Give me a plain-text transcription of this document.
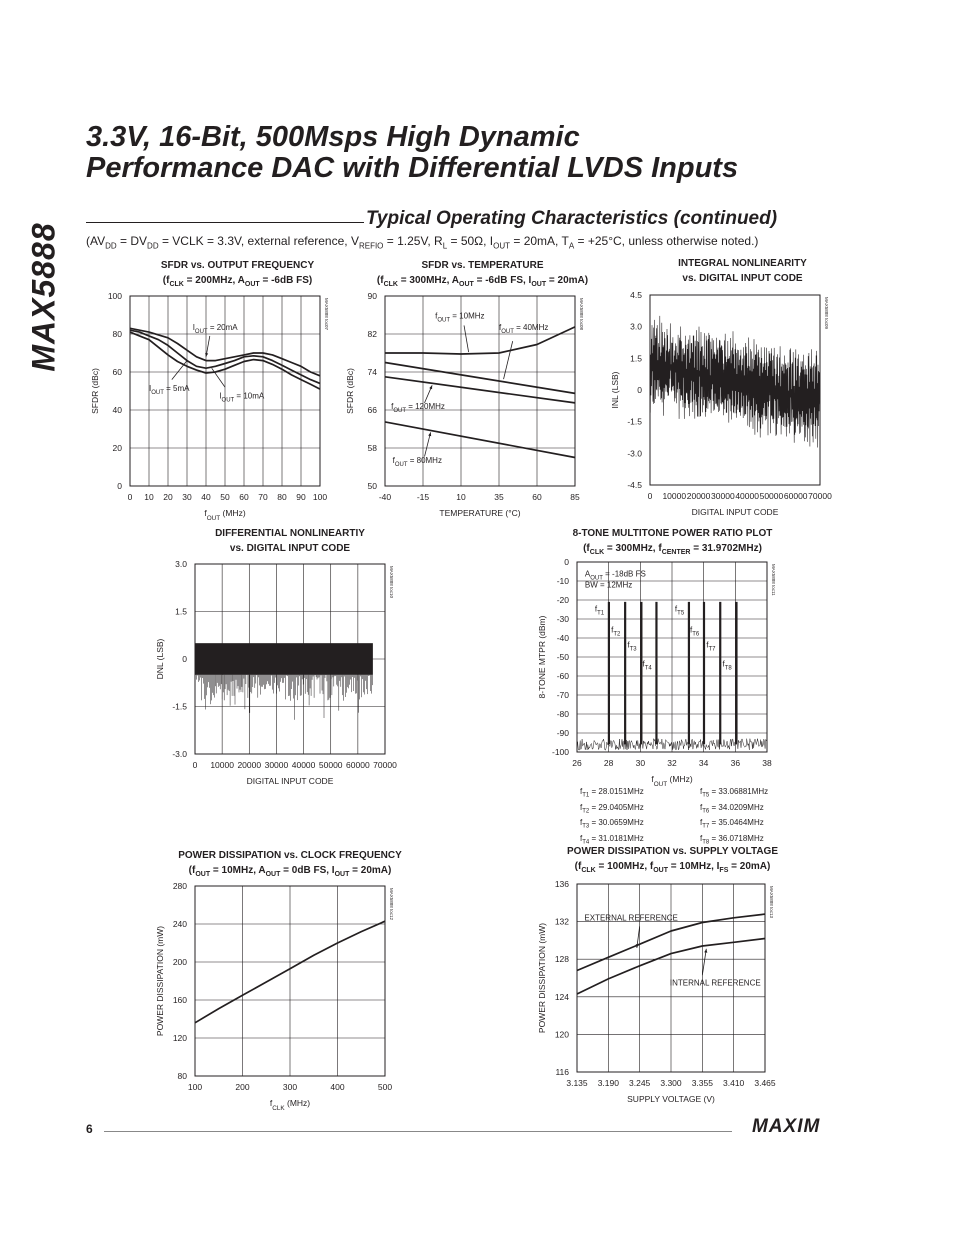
MAX5888
3.3V, 16-Bit, 500Msps High Dynamic
Performance DAC with Differential LVDS Inputs
Typical Operating Characteristics (continued)
($AV_{DD} = DV_{DD}$ = VCLK = 3.3V, external reference, $V_{REFIO} = 1.25V$, $R_L = 50\Omega$, $I_{OUT} = 20mA$, $T_A = +25^\circ C$, unless otherwise noted.)
SFDR vs. OUTPUT FREQUENCY
($f_{CLK} = 200MHz$, $A_{OUT} = -6dB$ FS)
SFDR vs. TEMPERATURE
($f_{CLK} = 300MHz$, $A_{OUT} = -6dB$ FS, $I_{OUT} = 20mA$)
INTEGRAL NONLINEARITY
vs. DIGITAL INPUT CODE
DIFFERENTIAL NONLINEARTIY
vs. DIGITAL INPUT CODE
8-TONE MULTITONE POWER RATIO PLOT
($f_{CLK} = 300MHz$, $f_{CENTER} = 31.9702MHz$)
POWER DISSIPATION vs. CLOCK FREQUENCY
($f_{OUT} = 10MHz$, $A_{OUT} = 0dB$ FS, $I_{OUT} = 20mA$)
POWER DISSIPATION vs. SUPPLY VOLTAGE
($f_{CLK} = 100MHz$, $f_{OUT} = 10MHz$, $I_{FS} = 20mA$)
0 10 20 30 40 50 60 70 80 90 100
0
20
40
60
80
100
$f_{OUT}$ (MHz)
SFDR (dBc)
MAX5888 toc07
$I_{OUT} = 20mA$
$I_{OUT} = 5mA$
$I_{OUT} = 10mA$
-40	-15	10	35	60	85
50
58
66
74
82
90
TEMPERATURE (°C)
SFDR (dBc)
MAX5888 toc08
$f_{OUT} = 10MHz$
$f_{OUT} = 40MHz$
$f_{OUT} = 120MHz$
$f_{OUT} = 80MHz$
0 10000 20000 30000 40000 50000 60000 70000
-4.5
-3.0
-1.5
0
1.5
3.0
4.5
DIGITAL INPUT CODE
INL (LSB)
MAX5888 toc09
0 10000 20000 30000 40000 50000 60000 70000
-3.0
-1.5
0
1.5
3.0
DIGITAL INPUT CODE
DNL (LSB)
MAX5888 toc10
26	28	30	32	34	36	38
-100
-90
-80
-70
-60
-50
-40
-30
-20
-10
0
$f_{OUT}$ (MHz)
8-TONE MTPR (dBm)
MAX5888 toc11
$A_{OUT} = -18dB$ FS
BW = 12MHz
$f_{T1}$
$f_{T2}$
$f_{T3}$
$f_{T4}$
$f_{T5}$
$f_{T6}$
$f_{T7}$
$f_{T8}$
100	200	300	400	500
80
120
160
200
240
280
$f_{CLK}$ (MHz)
POWER DISSIPATION (mW)
MAX5888 toc12
3.135 3.190 3.245 3.300 3.355 3.410 3.465
116
120
124
128
132
136
SUPPLY VOLTAGE (V)
POWER DISSIPATION (mW)
MAX5888 toc13
EXTERNAL REFERENCE
INTERNAL REFERENCE
$f_{T1} = 28.0151MHz$
$f_{T2} = 29.0405MHz$
$f_{T3} = 30.0659MHz$
$f_{T4} = 31.0181MHz$
$f_{T5} = 33.06881MHz$
$f_{T6} = 34.0209MHz$
$f_{T7} = 35.0464MHz$
$f_{T8} = 36.0718MHz$
6	MAXIM
